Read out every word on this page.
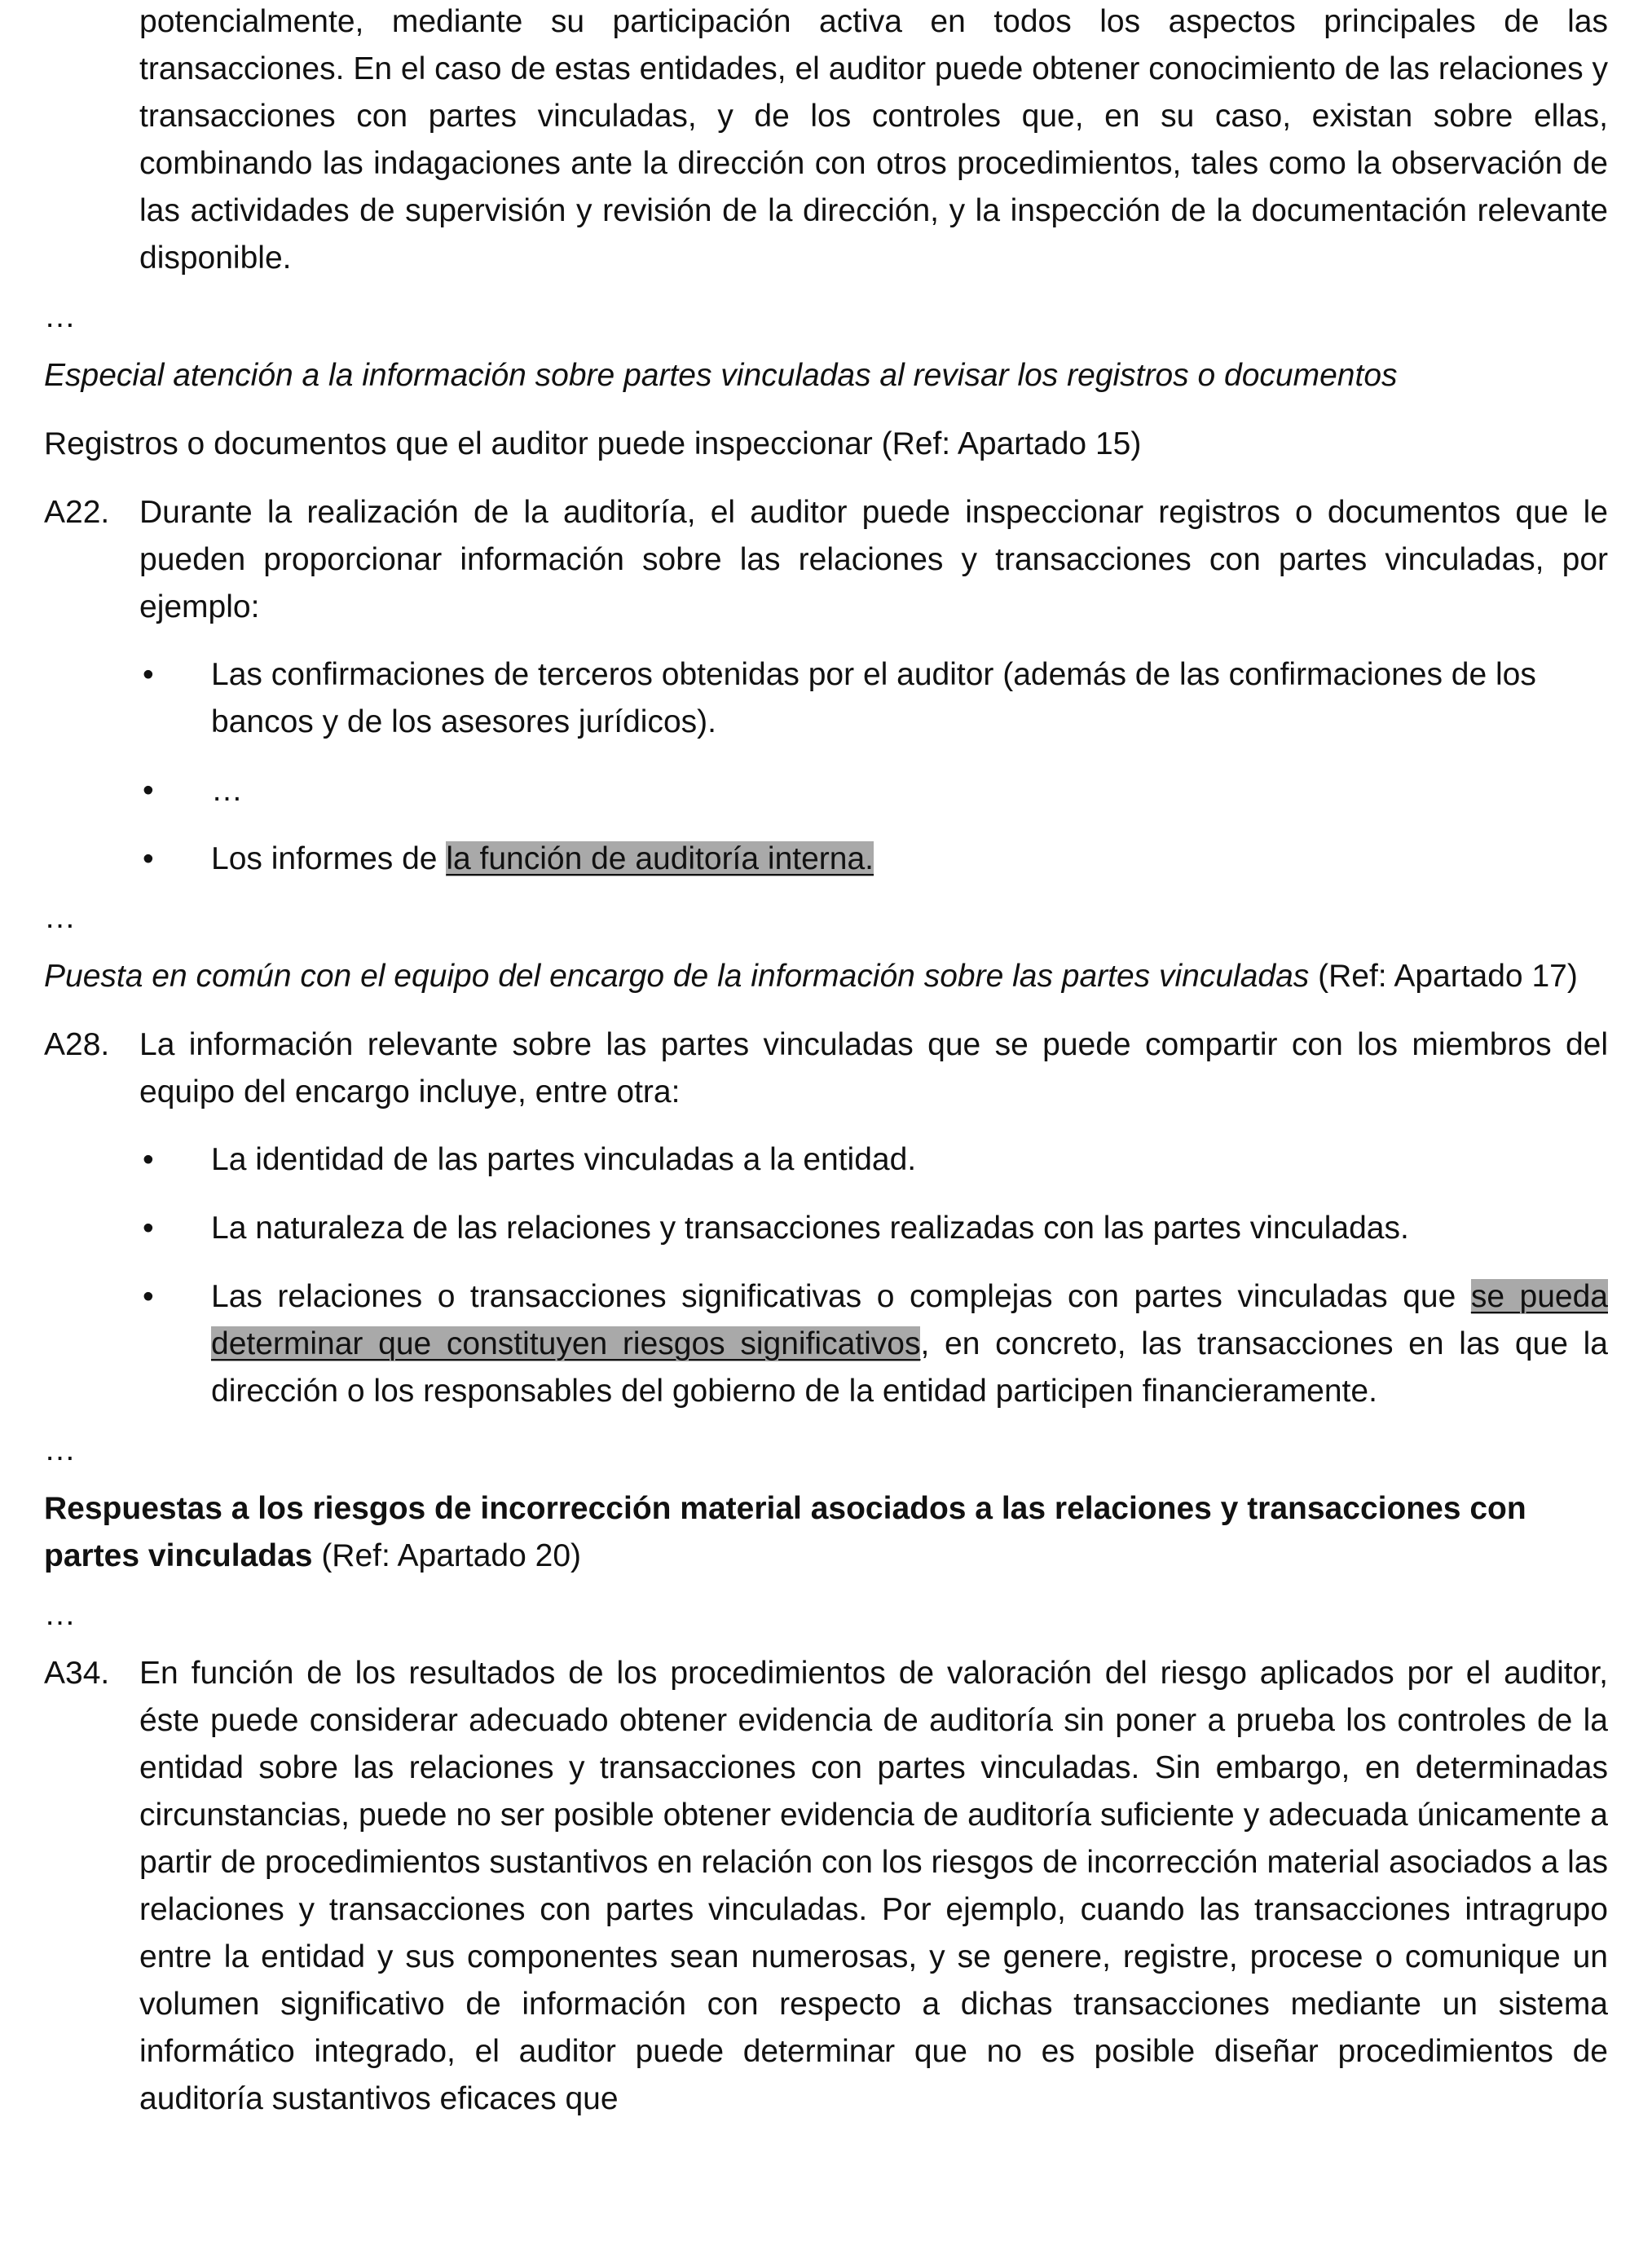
potencialmente, mediante su participación activa en todos los aspectos principales de las transacciones. En el caso de estas entidades, el auditor puede obtener conocimiento de las relaciones y transacciones con partes vinculadas, y de los controles que, en su caso, existan sobre ellas, combinando las indagaciones ante la dirección con otros procedimientos, tales como la observación de las actividades de supervisión y revisión de la dirección, y la inspección de la documentación relevante disponible.

…

Especial atención a la información sobre partes vinculadas al revisar los registros o documentos
Registros o documentos que el auditor puede inspeccionar (Ref: Apartado 15)
A22. Durante la realización de la auditoría, el auditor puede inspeccionar registros o documentos que le pueden proporcionar información sobre las relaciones y transacciones con partes vinculadas, por ejemplo:
•	Las confirmaciones de terceros obtenidas por el auditor (además de las confirmaciones de los bancos y de los asesores jurídicos).
•	…
•	Los informes de la función de auditoría interna.

…

Puesta en común con el equipo del encargo de la información sobre las partes vinculadas (Ref: Apartado 17)
A28. La información relevante sobre las partes vinculadas que se puede compartir con los miembros del equipo del encargo incluye, entre otra:
•	La identidad de las partes vinculadas a la entidad.
•	La naturaleza de las relaciones y transacciones realizadas con las partes vinculadas.
•	Las relaciones o transacciones significativas o complejas con partes vinculadas que se pueda determinar que constituyen riesgos significativos, en concreto, las transacciones en las que la dirección o los responsables del gobierno de la entidad participen financieramente.

…

Respuestas a los riesgos de incorrección material asociados a las relaciones y transacciones con partes vinculadas (Ref: Apartado 20)

…

A34. En función de los resultados de los procedimientos de valoración del riesgo aplicados por el auditor, éste puede considerar adecuado obtener evidencia de auditoría sin poner a prueba los controles de la entidad sobre las relaciones y transacciones con partes vinculadas. Sin embargo, en determinadas circunstancias, puede no ser posible obtener evidencia de auditoría suficiente y adecuada únicamente a partir de procedimientos sustantivos en relación con los riesgos de incorrección material asociados a las relaciones y transacciones con partes vinculadas. Por ejemplo, cuando las transacciones intragrupo entre la entidad y sus componentes sean numerosas, y se genere, registre, procese o comunique un volumen significativo de información con respecto a dichas transacciones mediante un sistema informático integrado, el auditor puede determinar que no es posible diseñar procedimientos de auditoría sustantivos eficaces que
